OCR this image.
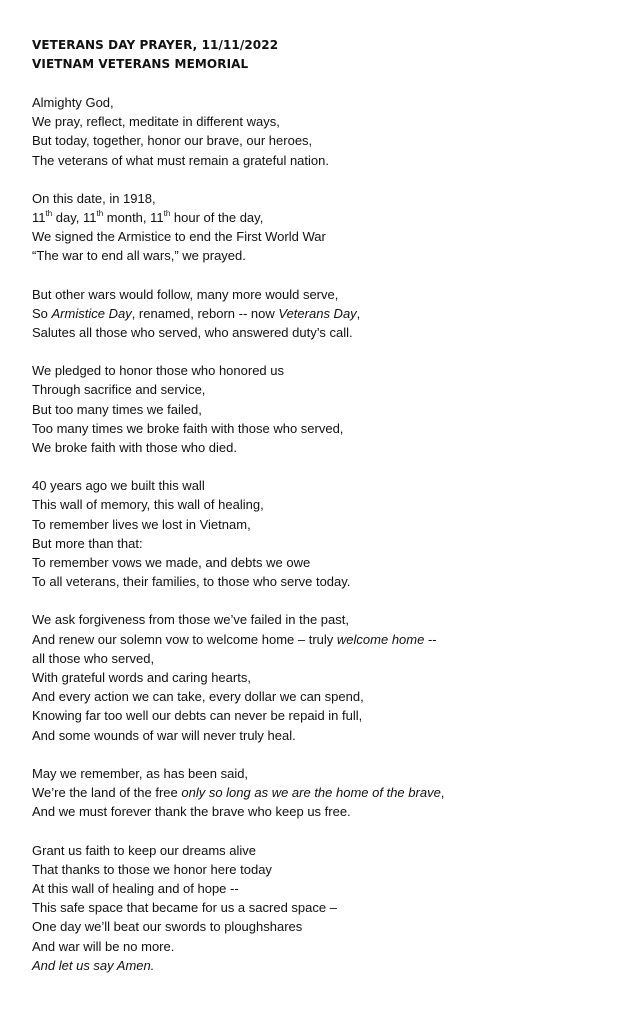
VETERANS DAY PRAYER, 11/11/2022
VIETNAM VETERANS MEMORIAL
Almighty God,
We pray, reflect, meditate in different ways,
But today, together, honor our brave, our heroes,
The veterans of what must remain a grateful nation.
On this date, in 1918,
11th day, 11th month, 11th hour of the day,
We signed the Armistice to end the First World War
“The war to end all wars,” we prayed.
But other wars would follow, many more would serve,
So Armistice Day, renamed, reborn -- now Veterans Day,
Salutes all those who served, who answered duty’s call.
We pledged to honor those who honored us
Through sacrifice and service,
But too many times we failed,
Too many times we broke faith with those who served,
We broke faith with those who died.
40 years ago we built this wall
This wall of memory, this wall of healing,
To remember lives we lost in Vietnam,
But more than that:
To remember vows we made, and debts we owe
To all veterans, their families, to those who serve today.
We ask forgiveness from those we’ve failed in the past,
And renew our solemn vow to welcome home – truly welcome home --
all those who served,
With grateful words and caring hearts,
And every action we can take, every dollar we can spend,
Knowing far too well our debts can never be repaid in full,
And some wounds of war will never truly heal.
May we remember, as has been said,
We’re the land of the free only so long as we are the home of the brave,
And we must forever thank the brave who keep us free.
Grant us faith to keep our dreams alive
That thanks to those we honor here today
At this wall of healing and of hope --
This safe space that became for us a sacred space –
One day we’ll beat our swords to ploughshares
And war will be no more.
And let us say Amen.
